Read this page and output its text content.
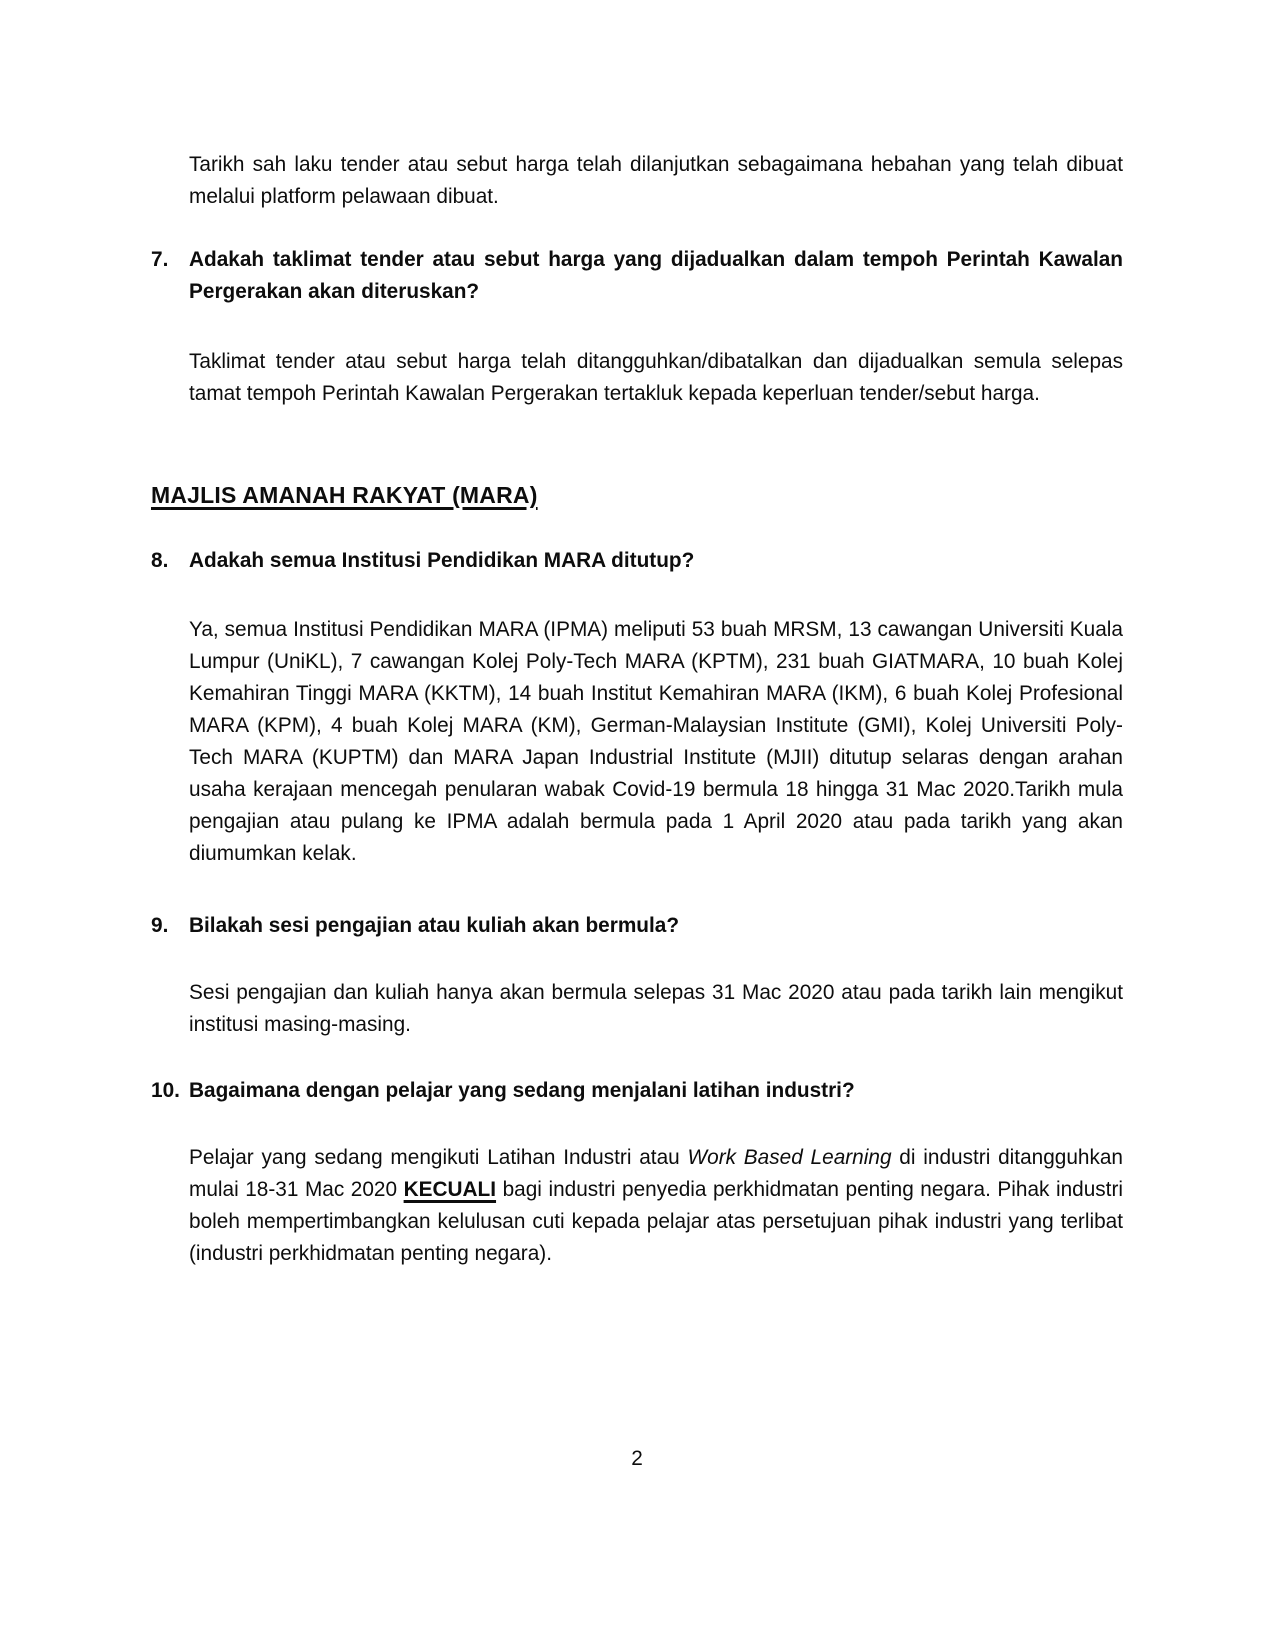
Tarikh sah laku tender atau sebut harga telah dilanjutkan sebagaimana hebahan yang telah dibuat melalui platform pelawaan dibuat.

7. Adakah taklimat tender atau sebut harga yang dijadualkan dalam tempoh Perintah Kawalan Pergerakan akan diteruskan?

Taklimat tender atau sebut harga telah ditangguhkan/dibatalkan dan dijadualkan semula selepas tamat tempoh Perintah Kawalan Pergerakan tertakluk kepada keperluan tender/sebut harga.

MAJLIS AMANAH RAKYAT (MARA)
8. Adakah semua Institusi Pendidikan MARA ditutup?

Ya, semua Institusi Pendidikan MARA (IPMA) meliputi 53 buah MRSM, 13 cawangan Universiti Kuala Lumpur (UniKL), 7 cawangan Kolej Poly-Tech MARA (KPTM), 231 buah GIATMARA, 10 buah Kolej Kemahiran Tinggi MARA (KKTM), 14 buah Institut Kemahiran MARA (IKM), 6 buah Kolej Profesional MARA (KPM), 4 buah Kolej MARA (KM), German-Malaysian Institute (GMI), Kolej Universiti Poly-Tech MARA (KUPTM) dan MARA Japan Industrial Institute (MJII) ditutup selaras dengan arahan usaha kerajaan mencegah penularan wabak Covid-19 bermula 18 hingga 31 Mac 2020.Tarikh mula pengajian atau pulang ke IPMA adalah bermula pada 1 April 2020 atau pada tarikh yang akan diumumkan kelak.

9. Bilakah sesi pengajian atau kuliah akan bermula?

Sesi pengajian dan kuliah hanya akan bermula selepas 31 Mac 2020 atau pada tarikh lain mengikut institusi masing-masing.

10. Bagaimana dengan pelajar yang sedang menjalani latihan industri?

Pelajar yang sedang mengikuti Latihan Industri atau Work Based Learning di industri ditangguhkan mulai 18-31 Mac 2020 KECUALI bagi industri penyedia perkhidmatan penting negara. Pihak industri boleh mempertimbangkan kelulusan cuti kepada pelajar atas persetujuan pihak industri yang terlibat (industri perkhidmatan penting negara).

2
